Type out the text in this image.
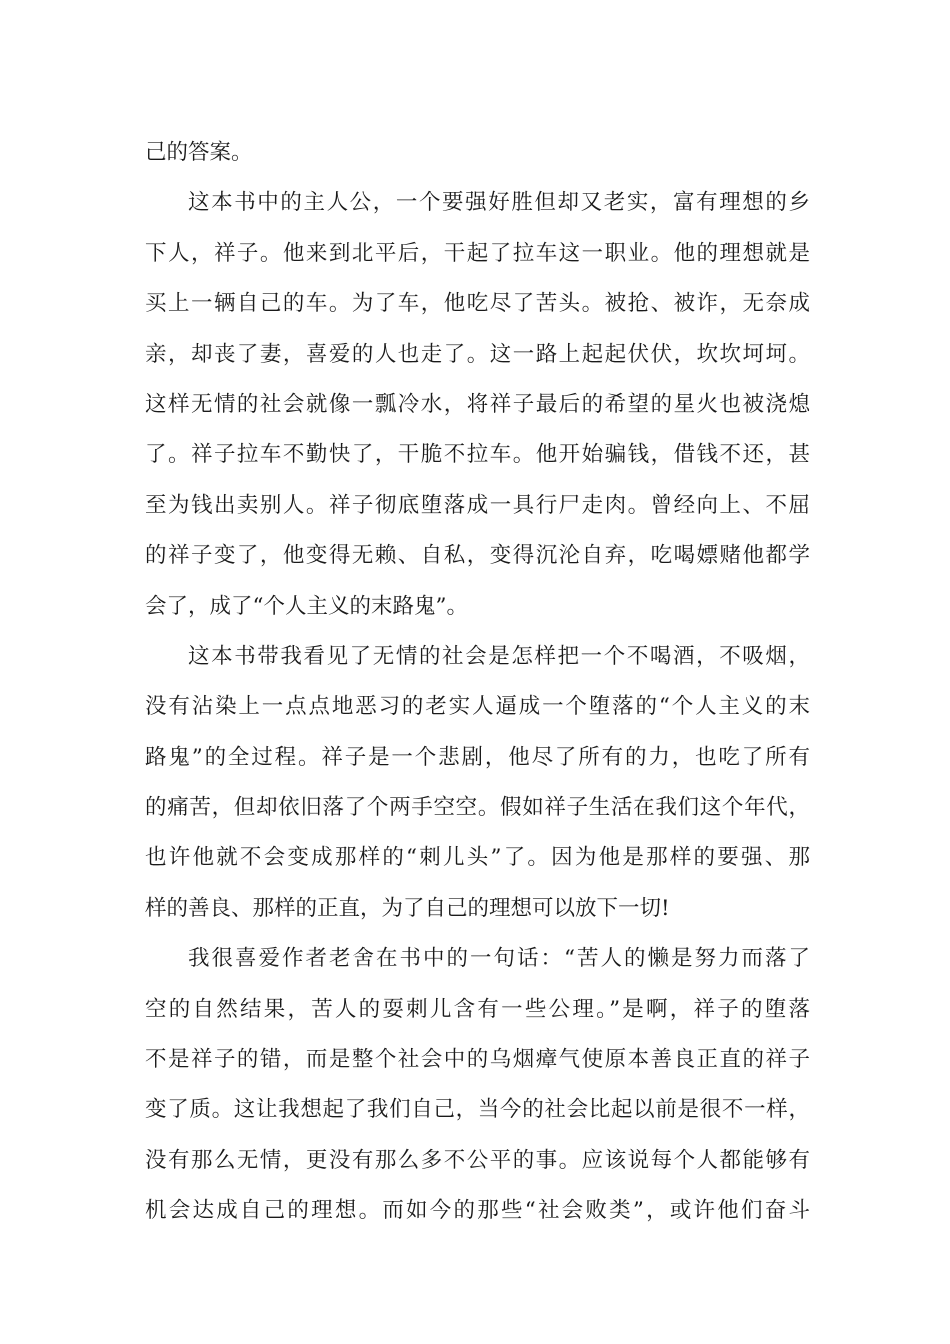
己的答案。
这本书中的主人公，一个要强好胜但却又老实，富有理想的乡
下人，祥子。他来到北平后，干起了拉车这一职业。他的理想就是
买上一辆自己的车。为了车，他吃尽了苦头。被抢、被诈，无奈成
亲，却丧了妻，喜爱的人也走了。这一路上起起伏伏，坎坎坷坷。
这样无情的社会就像一瓢冷水，将祥子最后的希望的星火也被浇熄
了。祥子拉车不勤快了，干脆不拉车。他开始骗钱，借钱不还，甚
至为钱出卖别人。祥子彻底堕落成一具行尸走肉。曾经向上、不屈
的祥子变了，他变得无赖、自私，变得沉沦自弃，吃喝嫖赌他都学
会了，成了“个人主义的末路鬼”。
这本书带我看见了无情的社会是怎样把一个不喝酒，不吸烟，
没有沾染上一点点地恶习的老实人逼成一个堕落的“个人主义的末
路鬼”的全过程。祥子是一个悲剧，他尽了所有的力，也吃了所有
的痛苦，但却依旧落了个两手空空。假如祥子生活在我们这个年代，
也许他就不会变成那样的“刺儿头”了。因为他是那样的要强、那
样的善良、那样的正直，为了自己的理想可以放下一切!
我很喜爱作者老舍在书中的一句话：“苦人的懒是努力而落了
空的自然结果，苦人的耍刺儿含有一些公理。”是啊，祥子的堕落
不是祥子的错，而是整个社会中的乌烟瘴气使原本善良正直的祥子
变了质。这让我想起了我们自己，当今的社会比起以前是很不一样，
没有那么无情，更没有那么多不公平的事。应该说每个人都能够有
机会达成自己的理想。而如今的那些“社会败类”，或许他们奋斗
